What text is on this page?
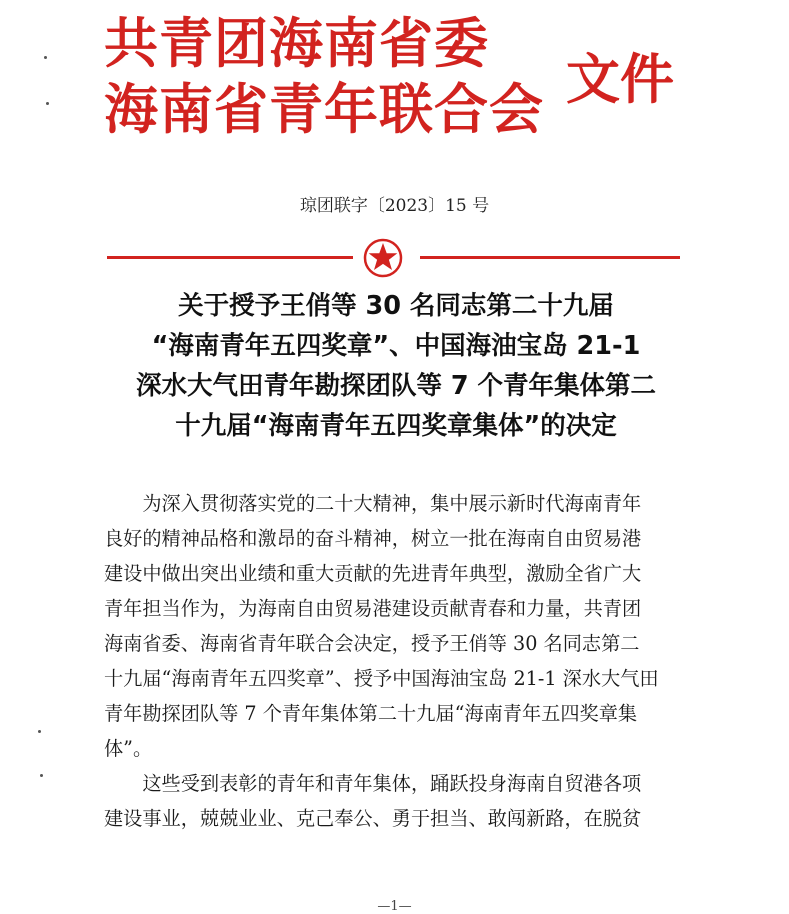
共青团海南省委
海南省青年联合会 文件
琼团联字〔2023〕15 号
关于授予王俏等 30 名同志第二十九届
“海南青年五四奖章”、中国海油宝岛 21-1
深水大气田青年勘探团队等 7 个青年集体第二
十九届“海南青年五四奖章集体”的决定
　　为深入贯彻落实党的二十大精神，集中展示新时代海南青年
良好的精神品格和激昂的奋斗精神，树立一批在海南自由贸易港
建设中做出突出业绩和重大贡献的先进青年典型，激励全省广大
青年担当作为，为海南自由贸易港建设贡献青春和力量，共青团
海南省委、海南省青年联合会决定，授予王俏等 30 名同志第二
十九届“海南青年五四奖章”、授予中国海油宝岛 21-1 深水大气田
青年勘探团队等 7 个青年集体第二十九届“海南青年五四奖章集
体”。
　　这些受到表彰的青年和青年集体，踊跃投身海南自贸港各项
建设事业，兢兢业业、克己奉公、勇于担当、敢闯新路，在脱贫
—1—
